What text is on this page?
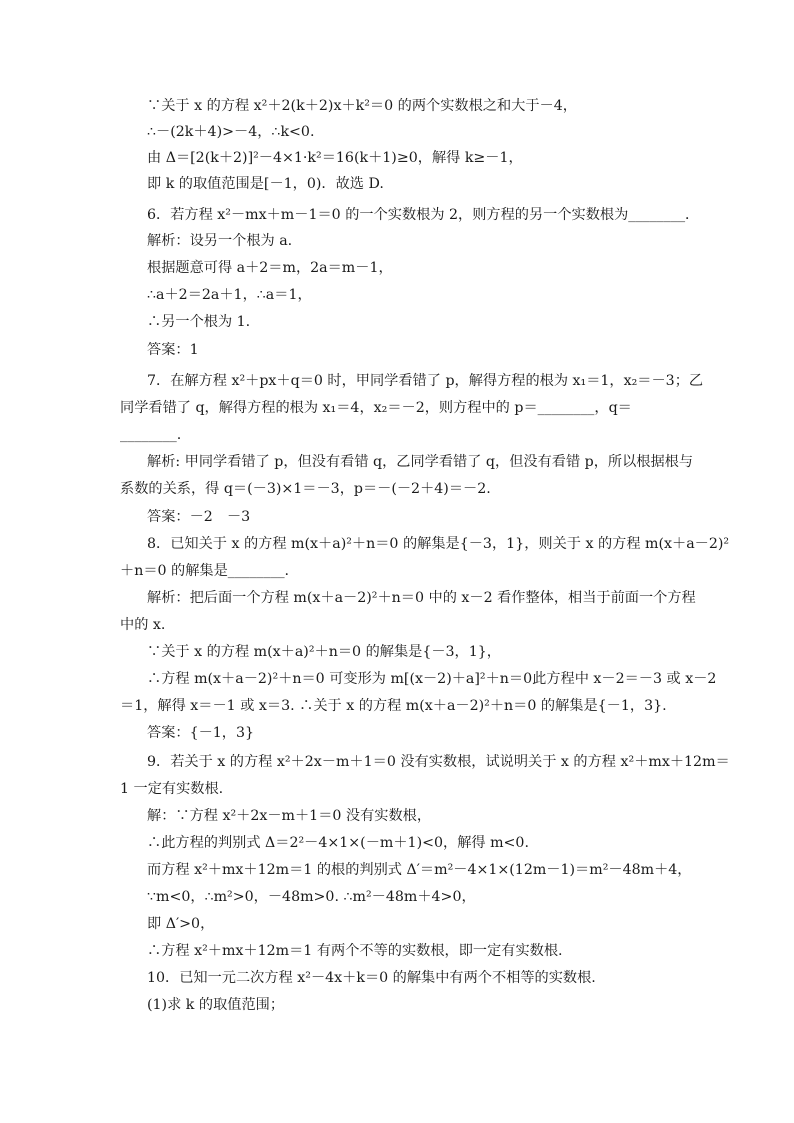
∵关于 x 的方程 x²＋2(k＋2)x＋k²＝0 的两个实数根之和大于－4，
∴－(2k＋4)>－4，∴k<0.
由 Δ＝[2(k＋2)]²－4×1·k²＝16(k＋1)≥0，解得 k≥－1，
即 k 的取值范围是[－1，0)．故选 D.
6．若方程 x²－mx＋m－1＝0 的一个实数根为 2，则方程的另一个实数根为________．
解析：设另一个根为 a.
根据题意可得 a＋2＝m，2a＝m－1，
∴a＋2＝2a＋1，∴a＝1，
∴另一个根为 1.
答案：1
7．在解方程 x²＋px＋q＝0 时，甲同学看错了 p，解得方程的根为 x₁＝1，x₂＝－3；乙
同学看错了 q，解得方程的根为 x₁＝4，x₂＝－2，则方程中的 p＝________，q＝
________.
解析: 甲同学看错了 p，但没有看错 q，乙同学看错了 q，但没有看错 p，所以根据根与
系数的关系，得 q＝(－3)×1＝－3，p＝－(－2＋4)＝－2.
答案：－2　－3
8．已知关于 x 的方程 m(x＋a)²＋n＝0 的解集是{－3，1}，则关于 x 的方程 m(x＋a－2)²
＋n＝0 的解集是________.
解析：把后面一个方程 m(x＋a－2)²＋n＝0 中的 x－2 看作整体，相当于前面一个方程
中的 x.
∵关于 x 的方程 m(x＋a)²＋n＝0 的解集是{－3，1}，
∴方程 m(x＋a－2)²＋n＝0 可变形为 m[(x－2)＋a]²＋n＝0此方程中 x－2＝－3 或 x－2
＝1，解得 x＝－1 或 x＝3. ∴关于 x 的方程 m(x＋a－2)²＋n＝0 的解集是{－1，3}.
答案：{－1，3}
9．若关于 x 的方程 x²＋2x－m＋1＝0 没有实数根，试说明关于 x 的方程 x²＋mx＋12m＝
1 一定有实数根.
解：∵方程 x²＋2x－m＋1＝0 没有实数根，
∴此方程的判别式 Δ＝2²－4×1×(－m＋1)<0，解得 m<0.
而方程 x²＋mx＋12m＝1 的根的判别式 Δ′＝m²－4×1×(12m－1)＝m²－48m＋4，
∵m<0，∴m²>0，－48m>0. ∴m²－48m＋4>0，
即 Δ′>0，
∴方程 x²＋mx＋12m＝1 有两个不等的实数根，即一定有实数根.
10．已知一元二次方程 x²－4x＋k＝0 的解集中有两个不相等的实数根.
(1)求 k 的取值范围；
